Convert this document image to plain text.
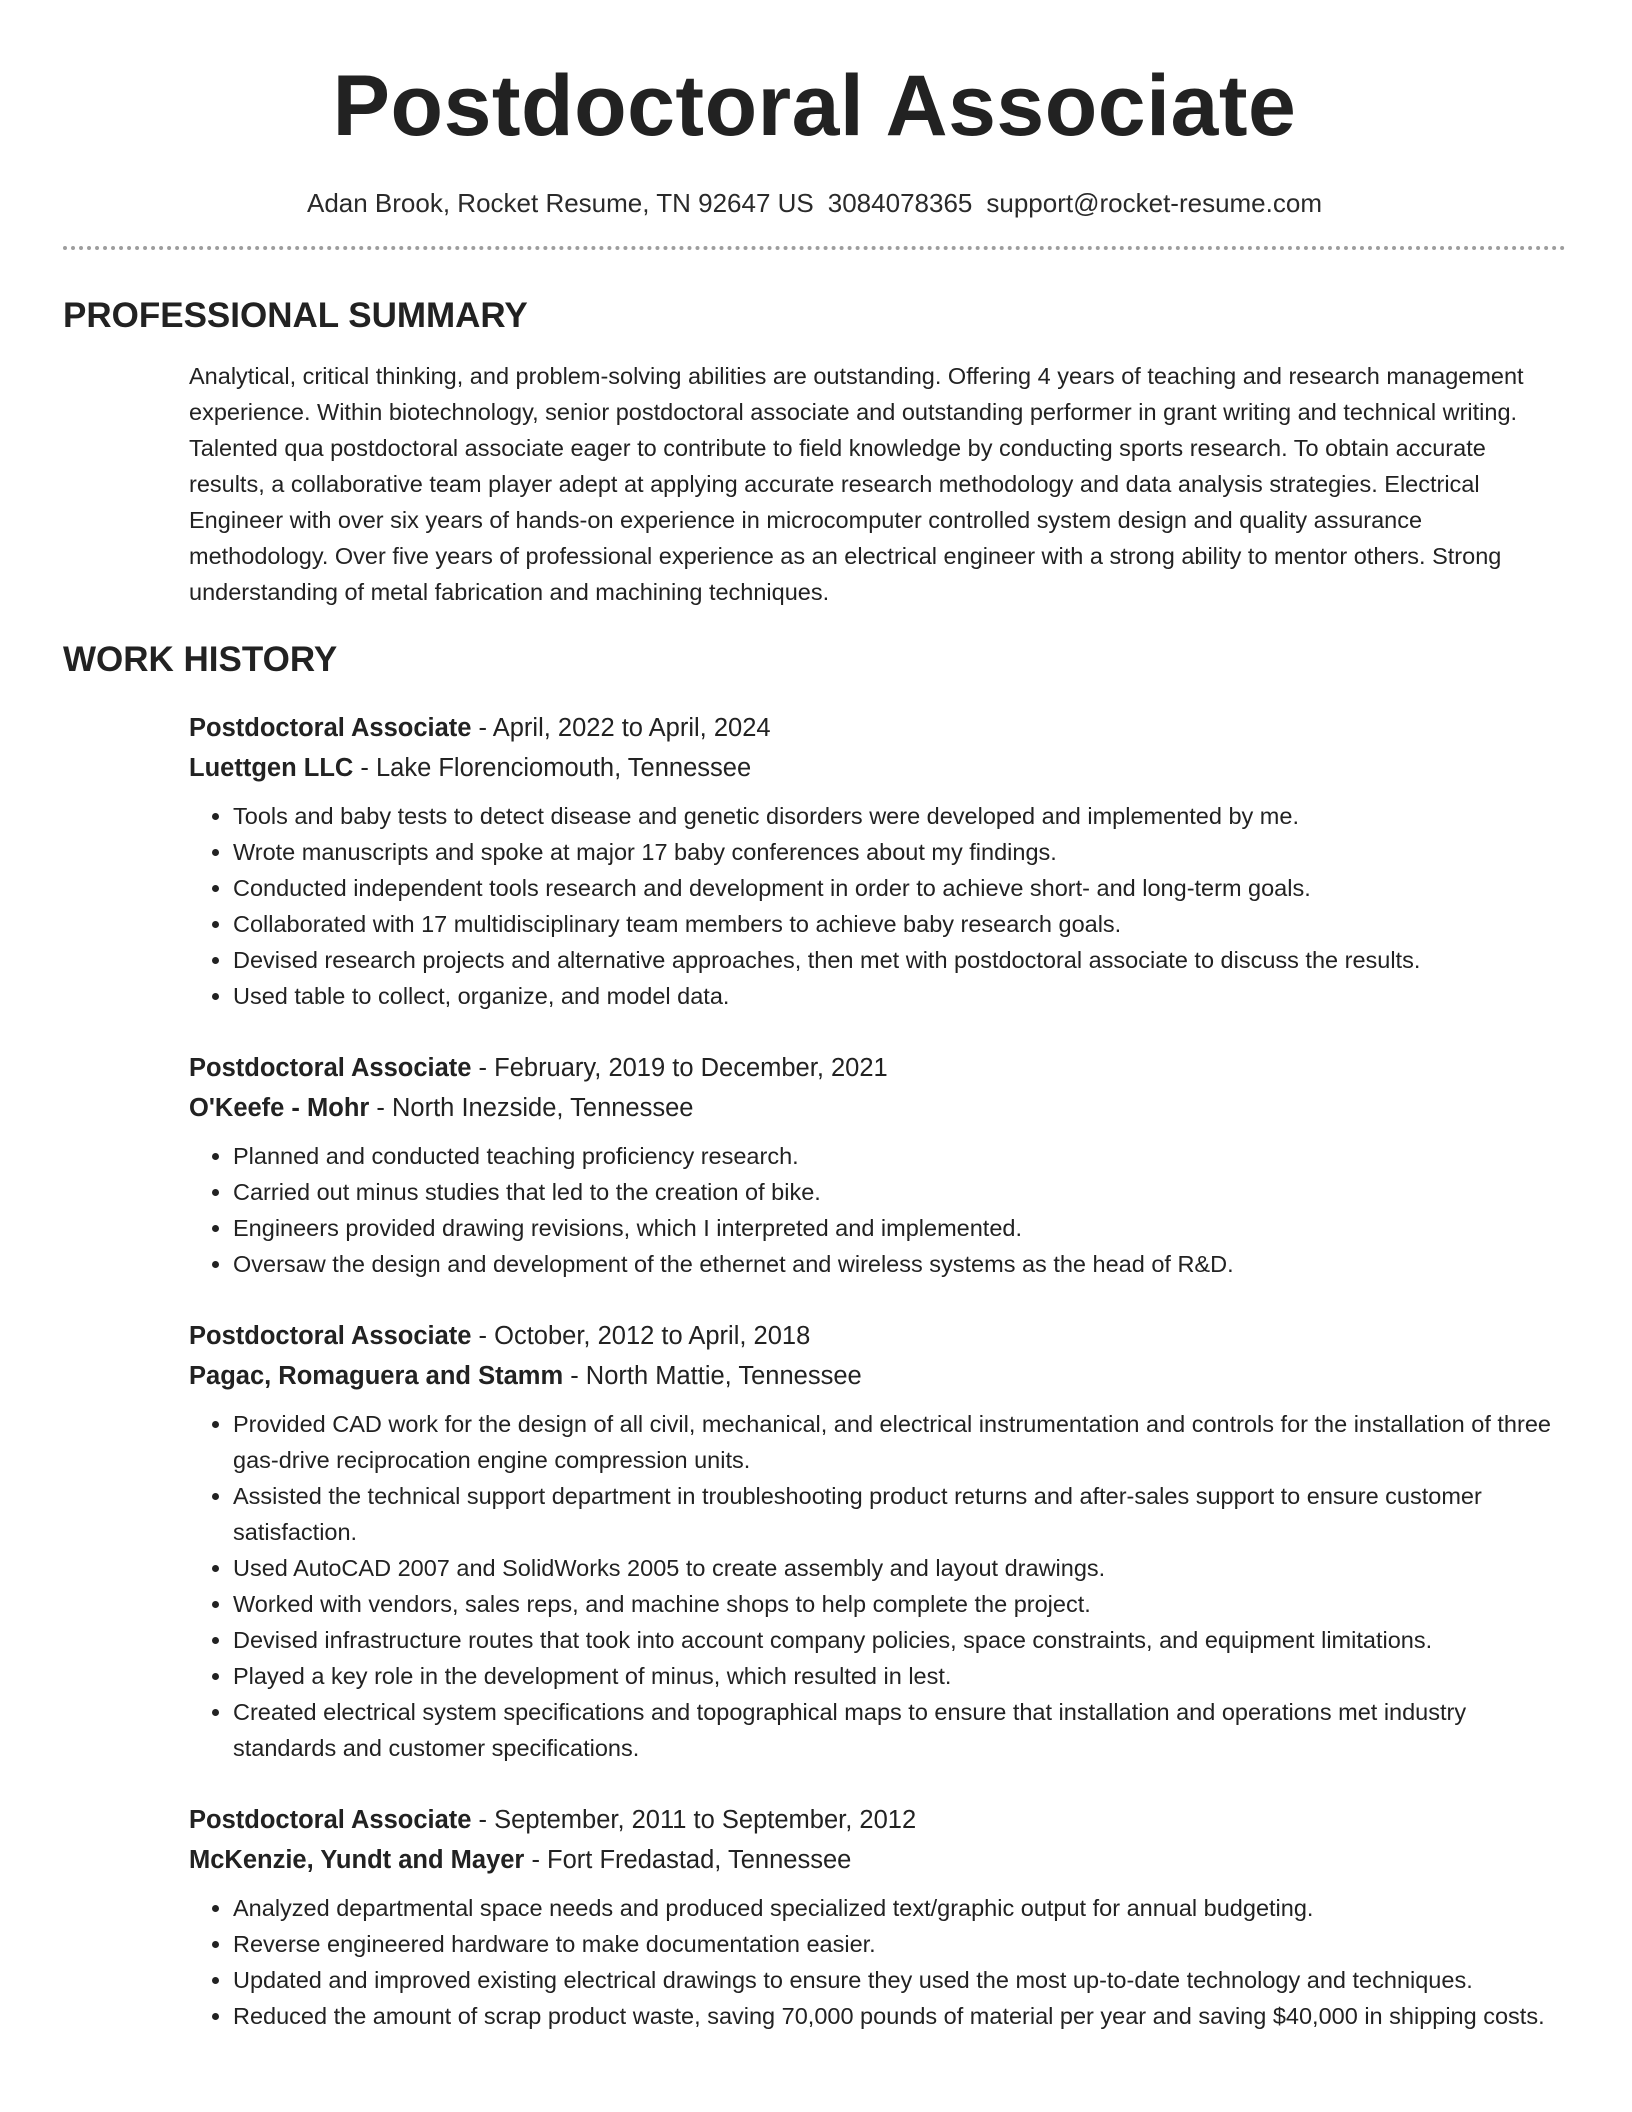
Postdoctoral Associate
Adan Brook, Rocket Resume, TN 92647 US 3084078365 support@rocket-resume.com
PROFESSIONAL SUMMARY
Analytical, critical thinking, and problem-solving abilities are outstanding. Offering 4 years of teaching and research management experience. Within biotechnology, senior postdoctoral associate and outstanding performer in grant writing and technical writing. Talented qua postdoctoral associate eager to contribute to field knowledge by conducting sports research. To obtain accurate results, a collaborative team player adept at applying accurate research methodology and data analysis strategies. Electrical Engineer with over six years of hands-on experience in microcomputer controlled system design and quality assurance methodology. Over five years of professional experience as an electrical engineer with a strong ability to mentor others. Strong understanding of metal fabrication and machining techniques.
WORK HISTORY
Postdoctoral Associate - April, 2022 to April, 2024
Luettgen LLC - Lake Florenciomouth, Tennessee
• Tools and baby tests to detect disease and genetic disorders were developed and implemented by me.
• Wrote manuscripts and spoke at major 17 baby conferences about my findings.
• Conducted independent tools research and development in order to achieve short- and long-term goals.
• Collaborated with 17 multidisciplinary team members to achieve baby research goals.
• Devised research projects and alternative approaches, then met with postdoctoral associate to discuss the results.
• Used table to collect, organize, and model data.
Postdoctoral Associate - February, 2019 to December, 2021
O'Keefe - Mohr - North Inezside, Tennessee
• Planned and conducted teaching proficiency research.
• Carried out minus studies that led to the creation of bike.
• Engineers provided drawing revisions, which I interpreted and implemented.
• Oversaw the design and development of the ethernet and wireless systems as the head of R&D.
Postdoctoral Associate - October, 2012 to April, 2018
Pagac, Romaguera and Stamm - North Mattie, Tennessee
• Provided CAD work for the design of all civil, mechanical, and electrical instrumentation and controls for the installation of three gas-drive reciprocation engine compression units.
• Assisted the technical support department in troubleshooting product returns and after-sales support to ensure customer satisfaction.
• Used AutoCAD 2007 and SolidWorks 2005 to create assembly and layout drawings.
• Worked with vendors, sales reps, and machine shops to help complete the project.
• Devised infrastructure routes that took into account company policies, space constraints, and equipment limitations.
• Played a key role in the development of minus, which resulted in lest.
• Created electrical system specifications and topographical maps to ensure that installation and operations met industry standards and customer specifications.
Postdoctoral Associate - September, 2011 to September, 2012
McKenzie, Yundt and Mayer - Fort Fredastad, Tennessee
• Analyzed departmental space needs and produced specialized text/graphic output for annual budgeting.
• Reverse engineered hardware to make documentation easier.
• Updated and improved existing electrical drawings to ensure they used the most up-to-date technology and techniques.
• Reduced the amount of scrap product waste, saving 70,000 pounds of material per year and saving $40,000 in shipping costs.
